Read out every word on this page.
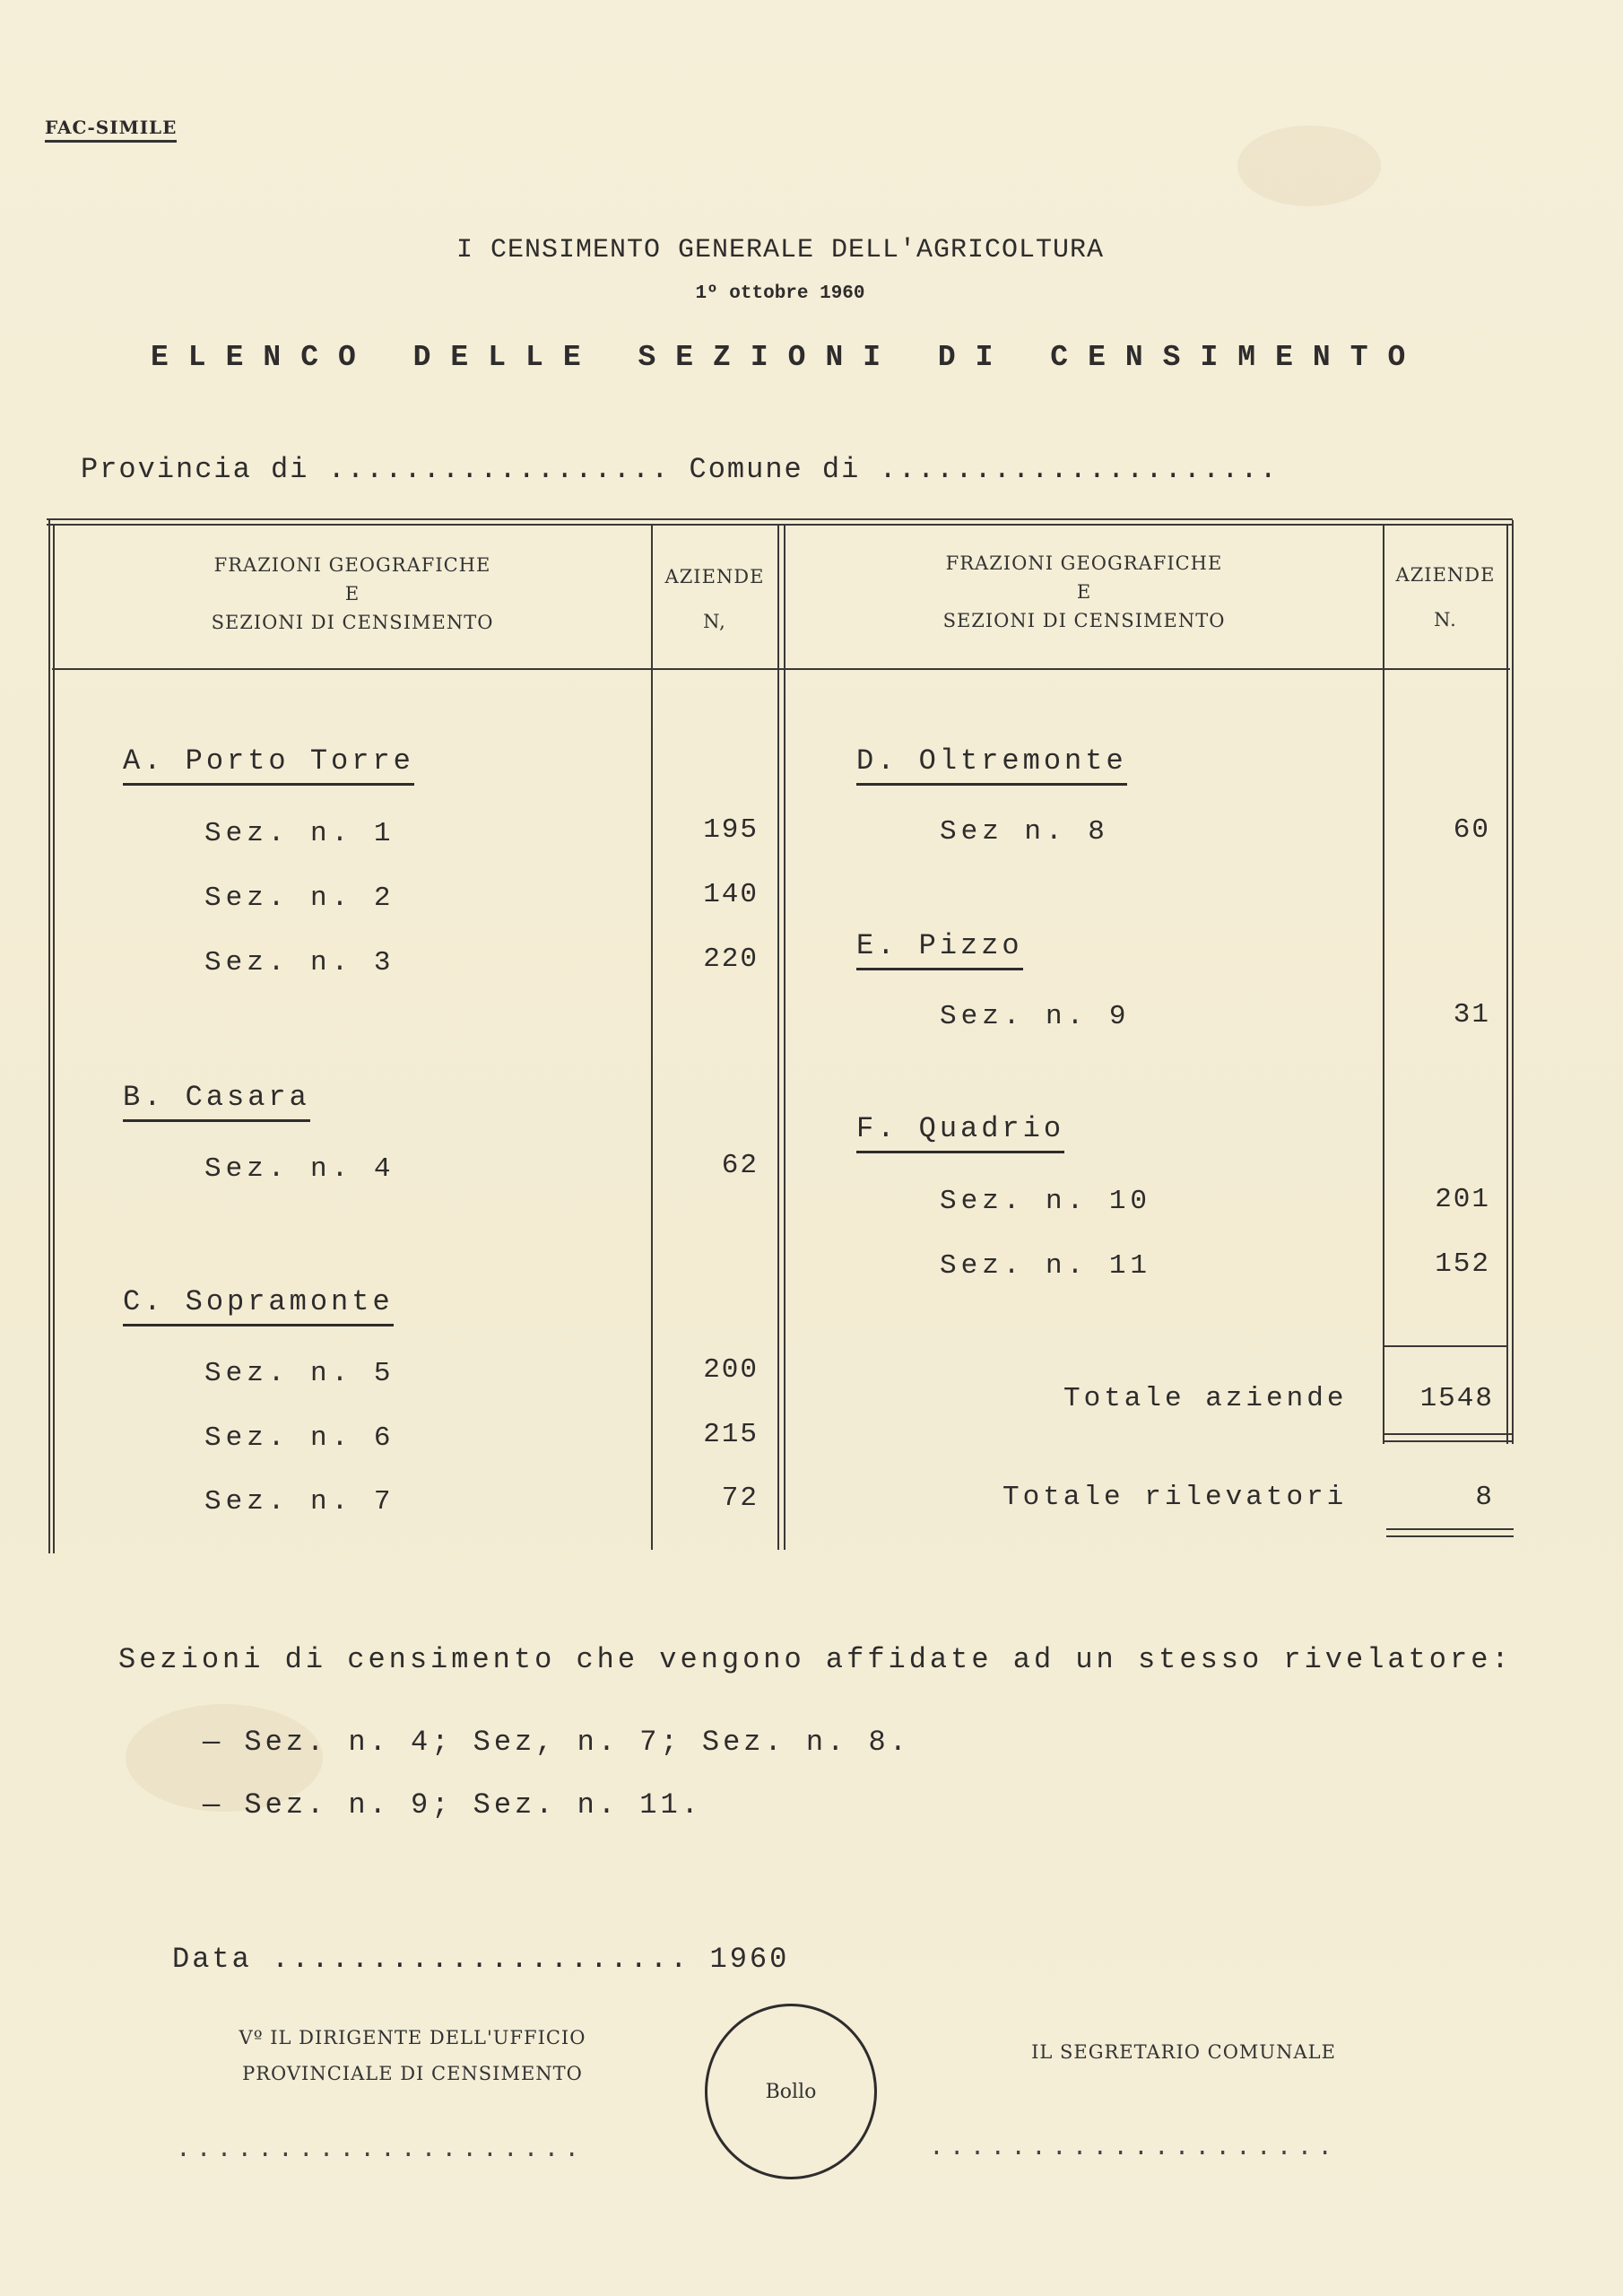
FAC-SIMILE
I CENSIMENTO GENERALE DELL'AGRICOLTURA
1º ottobre 1960
ELENCO DELLE SEZIONI DI CENSIMENTO
Provincia di .................. Comune di .....................
FRAZIONI GEOGRAFICHE
E
SEZIONI DI CENSIMENTO
AZIENDE
N,
FRAZIONI GEOGRAFICHE
E
SEZIONI DI CENSIMENTO
AZIENDE
N.
A. Porto Torre
Sez. n. 1	195
Sez. n. 2	140
Sez. n. 3	220
B. Casara
Sez. n. 4	62
C. Sopramonte
Sez. n. 5	200
Sez. n. 6	215
Sez. n. 7	72
D. Oltremonte
Sez n. 8	60
E. Pizzo
Sez. n. 9	31
F. Quadrio
Sez. n. 10	201
Sez. n. 11	152
Totale aziende	1548
Totale rilevatori	8
Sezioni di censimento che vengono affidate ad un stesso rivelatore:
— Sez. n. 4; Sez, n. 7; Sez. n. 8.
— Sez. n. 9; Sez. n. 11.
Data ..................... 1960
Vº IL DIRIGENTE DELL'UFFICIO
PROVINCIALE DI CENSIMENTO
Bollo
IL SEGRETARIO COMUNALE
....................	....................
